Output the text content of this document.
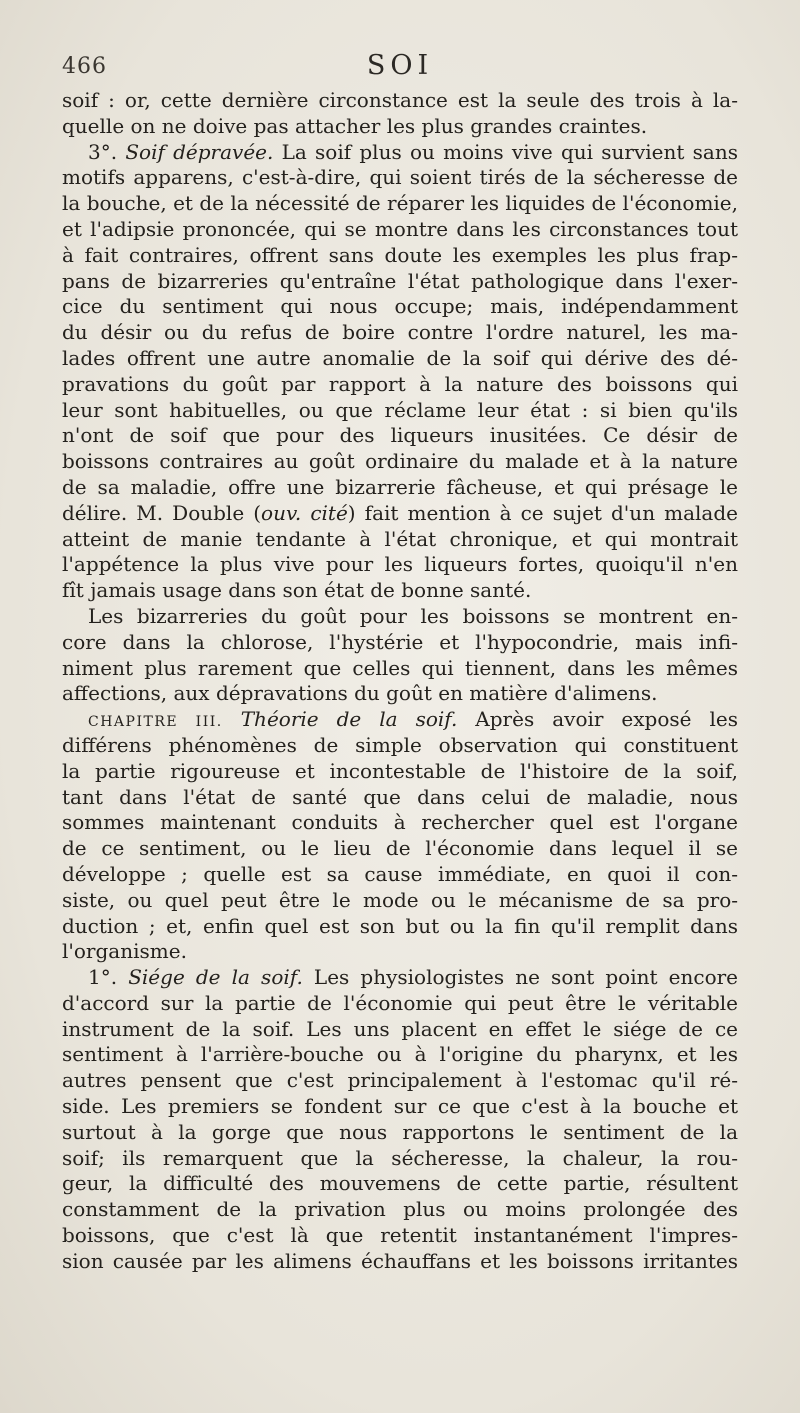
466	SOI
soif : or, cette dernière circonstance est la seule des trois à la-
quelle on ne doive pas attacher les plus grandes craintes.
3°. Soif dépravée. La soif plus ou moins vive qui survient sans
motifs apparens, c'est-à-dire, qui soient tirés de la sécheresse de
la bouche, et de la nécessité de réparer les liquides de l'économie,
et l'adipsie prononcée, qui se montre dans les circonstances tout
à fait contraires, offrent sans doute les exemples les plus frap-
pans de bizarreries qu'entraîne l'état pathologique dans l'exer-
cice du sentiment qui nous occupe; mais, indépendamment
du désir ou du refus de boire contre l'ordre naturel, les ma-
lades offrent une autre anomalie de la soif qui dérive des dé-
pravations du goût par rapport à la nature des boissons qui
leur sont habituelles, ou que réclame leur état : si bien qu'ils
n'ont de soif que pour des liqueurs inusitées. Ce désir de
boissons contraires au goût ordinaire du malade et à la nature
de sa maladie, offre une bizarrerie fâcheuse, et qui présage le
délire. M. Double (ouv. cité) fait mention à ce sujet d'un malade
atteint de manie tendante à l'état chronique, et qui montrait
l'appétence la plus vive pour les liqueurs fortes, quoiqu'il n'en
fît jamais usage dans son état de bonne santé.
Les bizarreries du goût pour les boissons se montrent en-
core dans la chlorose, l'hystérie et l'hypocondrie, mais infi-
niment plus rarement que celles qui tiennent, dans les mêmes
affections, aux dépravations du goût en matière d'alimens.
CHAPITRE III. Théorie de la soif. Après avoir exposé les
différens phénomènes de simple observation qui constituent
la partie rigoureuse et incontestable de l'histoire de la soif,
tant dans l'état de santé que dans celui de maladie, nous
sommes maintenant conduits à rechercher quel est l'organe
de ce sentiment, ou le lieu de l'économie dans lequel il se
développe ; quelle est sa cause immédiate, en quoi il con-
siste, ou quel peut être le mode ou le mécanisme de sa pro-
duction ; et, enfin quel est son but ou la fin qu'il remplit dans
l'organisme.
1°. Siége de la soif. Les physiologistes ne sont point encore
d'accord sur la partie de l'économie qui peut être le véritable
instrument de la soif. Les uns placent en effet le siége de ce
sentiment à l'arrière-bouche ou à l'origine du pharynx, et les
autres pensent que c'est principalement à l'estomac qu'il ré-
side. Les premiers se fondent sur ce que c'est à la bouche et
surtout à la gorge que nous rapportons le sentiment de la
soif; ils remarquent que la sécheresse, la chaleur, la rou-
geur, la difficulté des mouvemens de cette partie, résultent
constamment de la privation plus ou moins prolongée des
boissons, que c'est là que retentit instantanément l'impres-
sion causée par les alimens échauffans et les boissons irritantes
